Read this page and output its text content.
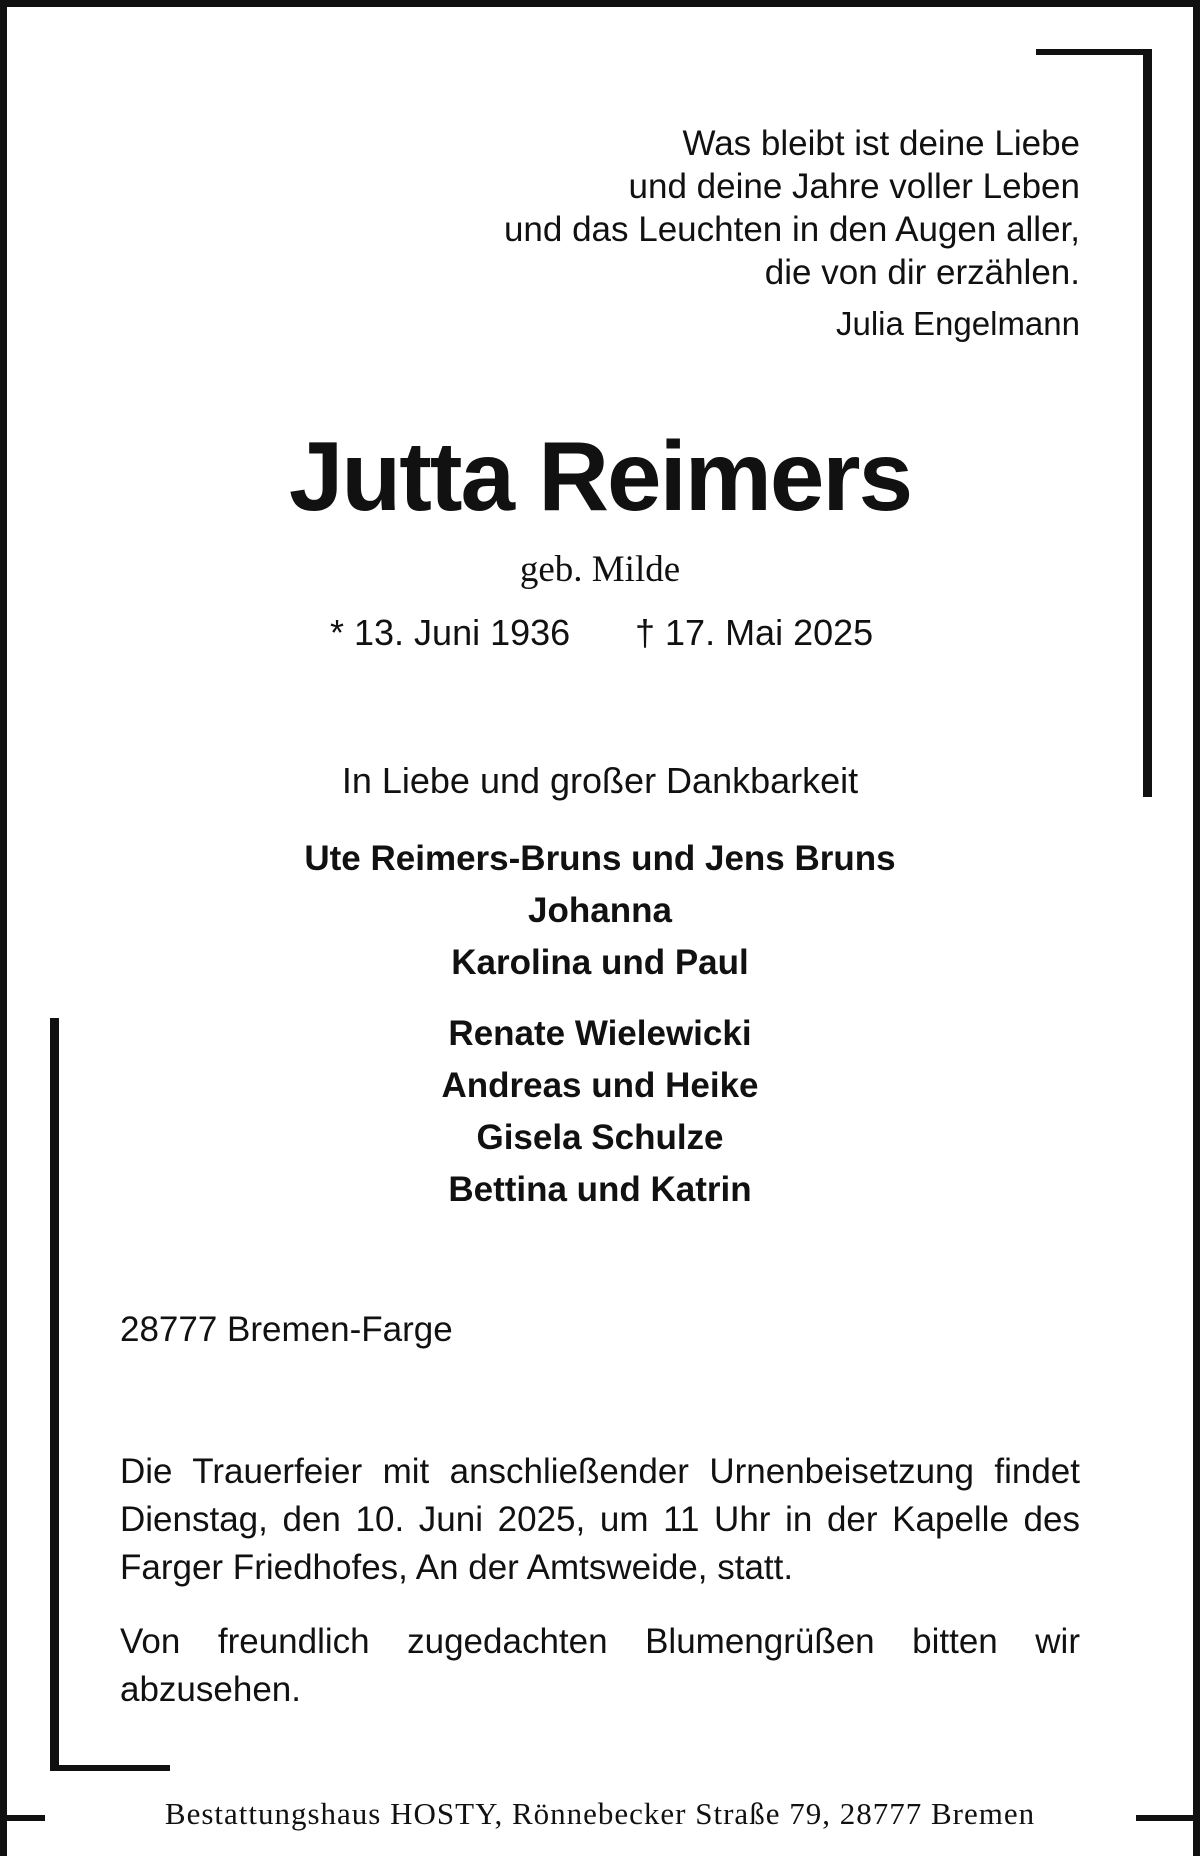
Was bleibt ist deine Liebe
und deine Jahre voller Leben
und das Leuchten in den Augen aller,
die von dir erzählen.
Julia Engelmann
Jutta Reimers
geb. Milde
* 13. Juni 1936 † 17. Mai 2025
In Liebe und großer Dankbarkeit
Ute Reimers-Bruns und Jens Bruns
Johanna
Karolina und Paul
Renate Wielewicki
Andreas und Heike
Gisela Schulze
Bettina und Katrin
28777 Bremen-Farge
Die Trauerfeier mit anschließender Urnenbeisetzung findet Dienstag, den 10. Juni 2025, um 11 Uhr in der Kapelle des Farger Friedhofes, An der Amtsweide, statt.
Von freundlich zugedachten Blumengrüßen bitten wir abzusehen.
Bestattungshaus HOSTY, Rönnebecker Straße 79, 28777 Bremen
